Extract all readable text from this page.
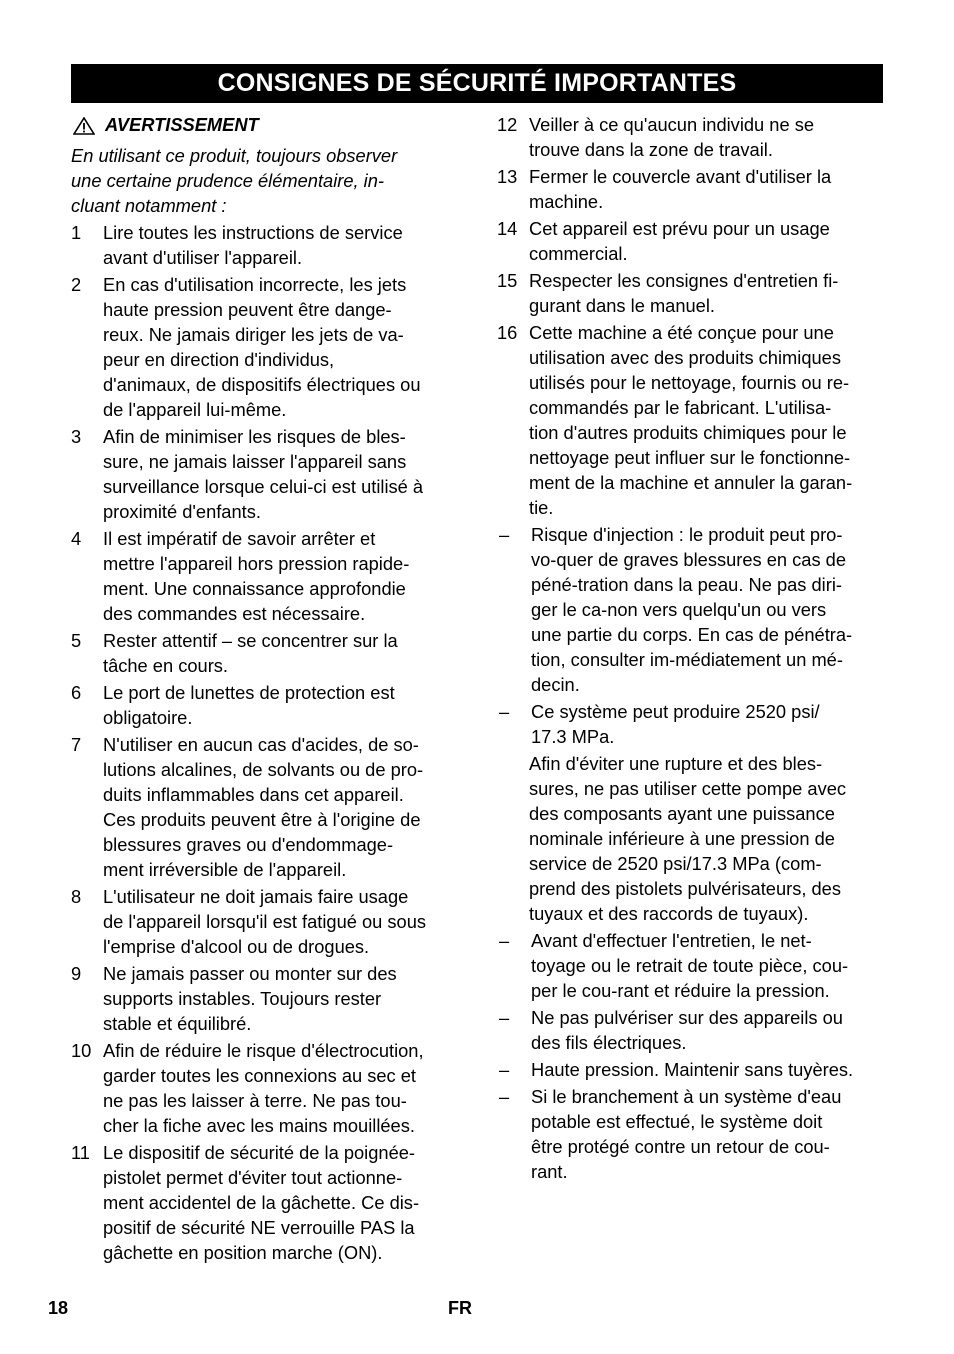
CONSIGNES DE SÉCURITÉ IMPORTANTES
AVERTISSEMENT
En utilisant ce produit, toujours observer
une certaine prudence élémentaire, in-
cluant notamment :
1	Lire toutes les instructions de service
avant d'utiliser l'appareil.
2	En cas d'utilisation incorrecte, les jets
haute pression peuvent être dange-
reux. Ne jamais diriger les jets de va-
peur en direction d'individus,
d'animaux, de dispositifs électriques ou
de l'appareil lui-même.
3	Afin de minimiser les risques de bles-
sure, ne jamais laisser l'appareil sans
surveillance lorsque celui-ci est utilisé à
proximité d'enfants.
4	Il est impératif de savoir arrêter et
mettre l'appareil hors pression rapide-
ment. Une connaissance approfondie
des commandes est nécessaire.
5	Rester attentif – se concentrer sur la
tâche en cours.
6	Le port de lunettes de protection est
obligatoire.
7	N'utiliser en aucun cas d'acides, de so-
lutions alcalines, de solvants ou de pro-
duits inflammables dans cet appareil.
Ces produits peuvent être à l'origine de
blessures graves ou d'endommage-
ment irréversible de l'appareil.
8	L'utilisateur ne doit jamais faire usage
de l'appareil lorsqu'il est fatigué ou sous
l'emprise d'alcool ou de drogues.
9	Ne jamais passer ou monter sur des
supports instables. Toujours rester
stable et équilibré.
10 Afin de réduire le risque d'électrocution,
garder toutes les connexions au sec et
ne pas les laisser à terre. Ne pas tou-
cher la fiche avec les mains mouillées.
11 Le dispositif de sécurité de la poignée-
pistolet permet d'éviter tout actionne-
ment accidentel de la gâchette. Ce dis-
positif de sécurité NE verrouille PAS la
gâchette en position marche (ON).
12 Veiller à ce qu'aucun individu ne se
trouve dans la zone de travail.
13 Fermer le couvercle avant d'utiliser la
machine.
14 Cet appareil est prévu pour un usage
commercial.
15 Respecter les consignes d'entretien fi-
gurant dans le manuel.
16 Cette machine a été conçue pour une
utilisation avec des produits chimiques
utilisés pour le nettoyage, fournis ou re-
commandés par le fabricant. L'utilisa-
tion d'autres produits chimiques pour le
nettoyage peut influer sur le fonctionne-
ment de la machine et annuler la garan-
tie.
–	Risque d'injection : le produit peut pro-
vo-quer de graves blessures en cas de
péné-tration dans la peau. Ne pas diri-
ger le ca-non vers quelqu'un ou vers
une partie du corps. En cas de pénétra-
tion, consulter im-médiatement un mé-
decin.
–	Ce système peut produire 2520 psi/
17.3 MPa.
Afin d'éviter une rupture et des bles-
sures, ne pas utiliser cette pompe avec
des composants ayant une puissance
nominale inférieure à une pression de
service de 2520 psi/17.3 MPa (com-
prend des pistolets pulvérisateurs, des
tuyaux et des raccords de tuyaux).
–	Avant d'effectuer l'entretien, le net-
toyage ou le retrait de toute pièce, cou-
per le cou-rant et réduire la pression.
–	Ne pas pulvériser sur des appareils ou
des fils électriques.
–	Haute pression. Maintenir sans tuyères.
–	Si le branchement à un système d'eau
potable est effectué, le système doit
être protégé contre un retour de cou-
rant.
18	FR
